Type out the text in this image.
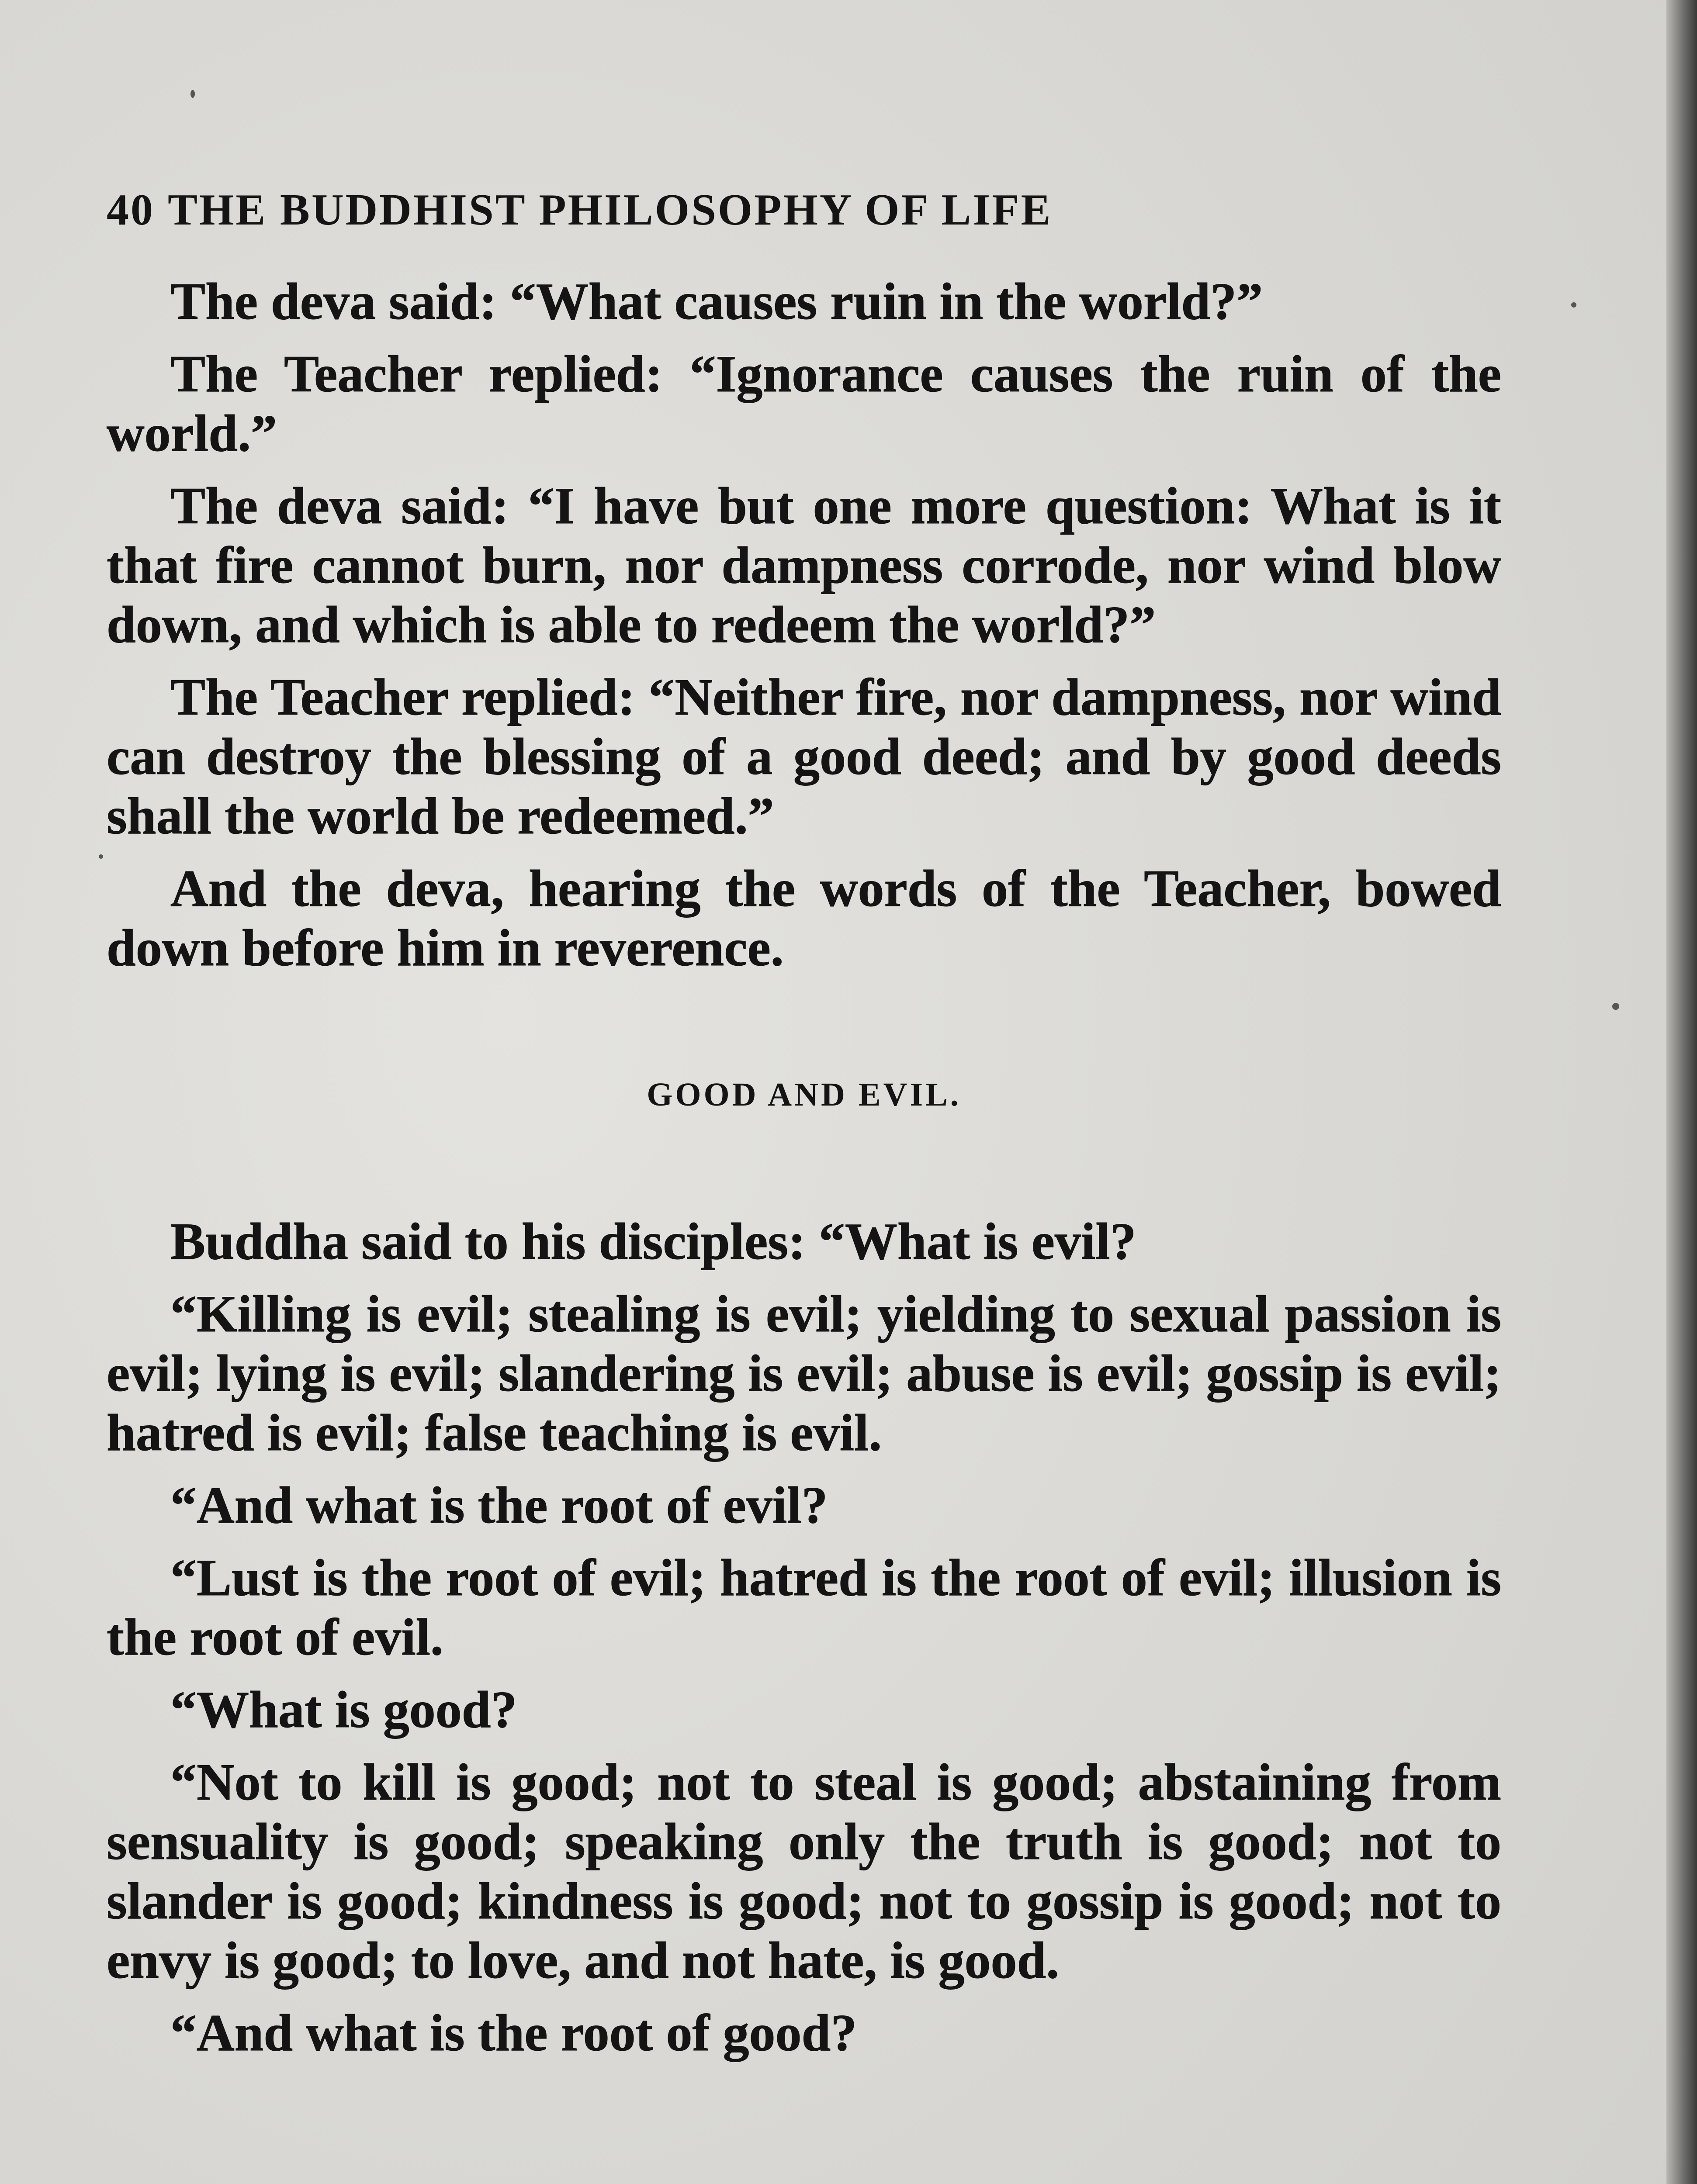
40 THE BUDDHIST PHILOSOPHY OF LIFE

The deva said: “What causes ruin in the world?”

The Teacher replied: “Ignorance causes the ruin of the world.”

The deva said: “I have but one more question: What is it that fire cannot burn, nor dampness corrode, nor wind blow down, and which is able to redeem the world?”

The Teacher replied: “Neither fire, nor dampness, nor wind can destroy the blessing of a good deed; and by good deeds shall the world be redeemed.”

And the deva, hearing the words of the Teacher, bowed down before him in reverence.

GOOD AND EVIL.

Buddha said to his disciples: “What is evil?

“Killing is evil; stealing is evil; yielding to sexual passion is evil; lying is evil; slandering is evil; abuse is evil; gossip is evil; hatred is evil; false teaching is evil.

“And what is the root of evil?

“Lust is the root of evil; hatred is the root of evil; illusion is the root of evil.

“What is good?

“Not to kill is good; not to steal is good; abstaining from sensuality is good; speaking only the truth is good; not to slander is good; kindness is good; not to gossip is good; not to envy is good; to love, and not hate, is good.

“And what is the root of good?
